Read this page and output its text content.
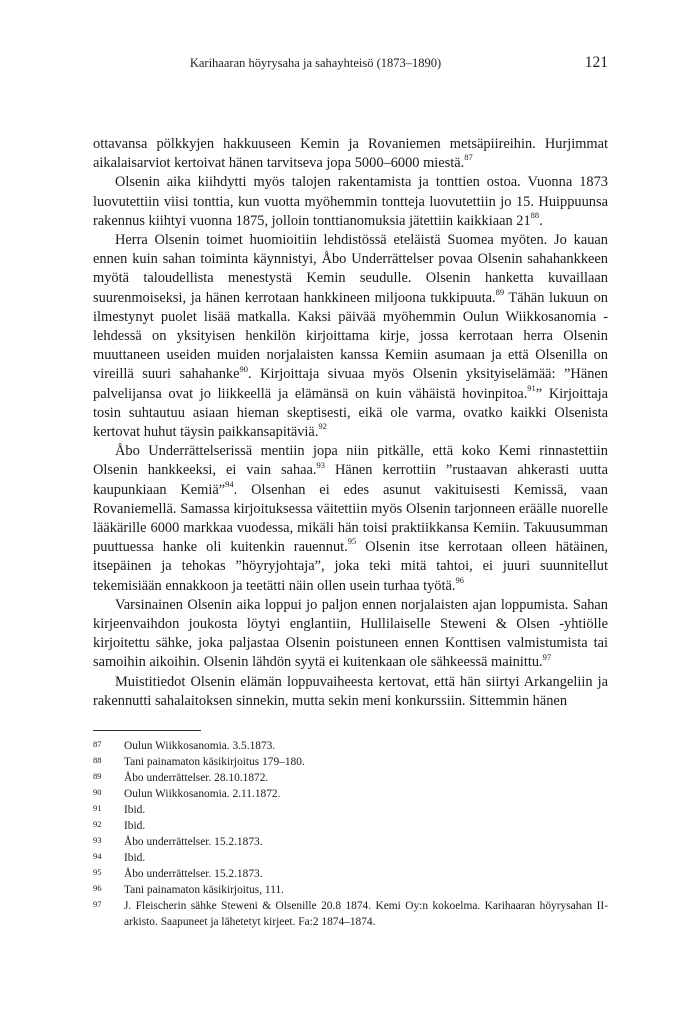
Karihaaran höyrysaha ja sahayhteisö (1873–1890)	121

ottavansa pölkkyjen hakkuuseen Kemin ja Rovaniemen metsäpiireihin. Hurjimmat aikalaisarviot kertoivat hänen tarvitseva jopa 5000–6000 miestä.$^{87}$

Olsenin aika kiihdytti myös talojen rakentamista ja tonttien ostoa. Vuonna 1873 luovutettiin viisi tonttia, kun vuotta myöhemmin tontteja luovutettiin jo 15. Huippuunsa rakennus kiihtyi vuonna 1875, jolloin tonttianomuksia jätettiin kaikkiaan $21^{88}$.

Herra Olsenin toimet huomioitiin lehdistössä eteläistä Suomea myöten. Jo kauan ennen kuin sahan toiminta käynnistyi, Åbo Underrättelser povaa Olsenin sahahankkeen myötä taloudellista menestystä Kemin seudulle. Olsenin hanketta kuvaillaan suurenmoiseksi, ja hänen kerrotaan hankkineen miljoona tukkipuuta.$^{89}$ Tähän lukuun on ilmestynyt puolet lisää matkalla. Kaksi päivää myöhemmin Oulun Wiikkosanomia -lehdessä on yksityisen henkilön kirjoittama kirje, jossa kerrotaan herra Olsenin muuttaneen useiden muiden norjalaisten kanssa Kemiin asumaan ja että Olsenilla on vireillä suuri sahahanke$^{90}$. Kirjoittaja sivuaa myös Olsenin yksityiselämää: ”Hänen palvelijansa ovat jo liikkeellä ja elämänsä on kuin vähäistä hovinpitoa.$^{91}$” Kirjoittaja tosin suhtautuu asiaan hieman skeptisesti, eikä ole varma, ovatko kaikki Olsenista kertovat huhut täysin paikkansapitäviä.$^{92}$

Åbo Underrättelserissä mentiin jopa niin pitkälle, että koko Kemi rinnastettiin Olsenin hankkeeksi, ei vain sahaa.$^{93}$ Hänen kerrottiin ”rustaavan ahkerasti uutta kaupunkiaan Kemiä”$^{94}$. Olsenhan ei edes asunut vakituisesti Kemissä, vaan Rovaniemellä. Samassa kirjoituksessa väitettiin myös Olsenin tarjonneen eräälle nuorelle lääkärille 6000 markkaa vuodessa, mikäli hän toisi praktiikkansa Kemiin. Takuusumman puuttuessa hanke oli kuitenkin rauennut.$^{95}$ Olsenin itse kerrotaan olleen hätäinen, itsepäinen ja tehokas ”höyryjohtaja”, joka teki mitä tahtoi, ei juuri suunnitellut tekemisiään ennakkoon ja teetätti näin ollen usein turhaa työtä.$^{96}$

Varsinainen Olsenin aika loppui jo paljon ennen norjalaisten ajan loppumista. Sahan kirjeenvaihdon joukosta löytyi englantiin, Hullilaiselle Steweni & Olsen -yhtiölle kirjoitettu sähke, joka paljastaa Olsenin poistuneen ennen Konttisen valmistumista tai samoihin aikoihin. Olsenin lähdön syytä ei kuitenkaan ole sähkeessä mainittu.$^{97}$

Muistitiedot Olsenin elämän loppuvaiheesta kertovat, että hän siirtyi Arkangeliin ja rakennutti sahalaitoksen sinnekin, mutta sekin meni konkurssiin. Sittemmin hänen

87 Oulun Wiikkosanomia. 3.5.1873.
88 Tani painamaton käsikirjoitus 179–180.
89 Åbo underrättelser. 28.10.1872.
90 Oulun Wiikkosanomia. 2.11.1872.
91 Ibid.
92 Ibid.
93 Åbo underrättelser. 15.2.1873.
94 Ibid.
95 Åbo underrättelser. 15.2.1873.
96 Tani painamaton käsikirjoitus, 111.
97 J. Fleischerin sähke Steweni & Olsenille 20.8 1874. Kemi Oy:n kokoelma. Karihaaran höyrysahan II-arkisto. Saapuneet ja lähetetyt kirjeet. Fa:2 1874–1874.
